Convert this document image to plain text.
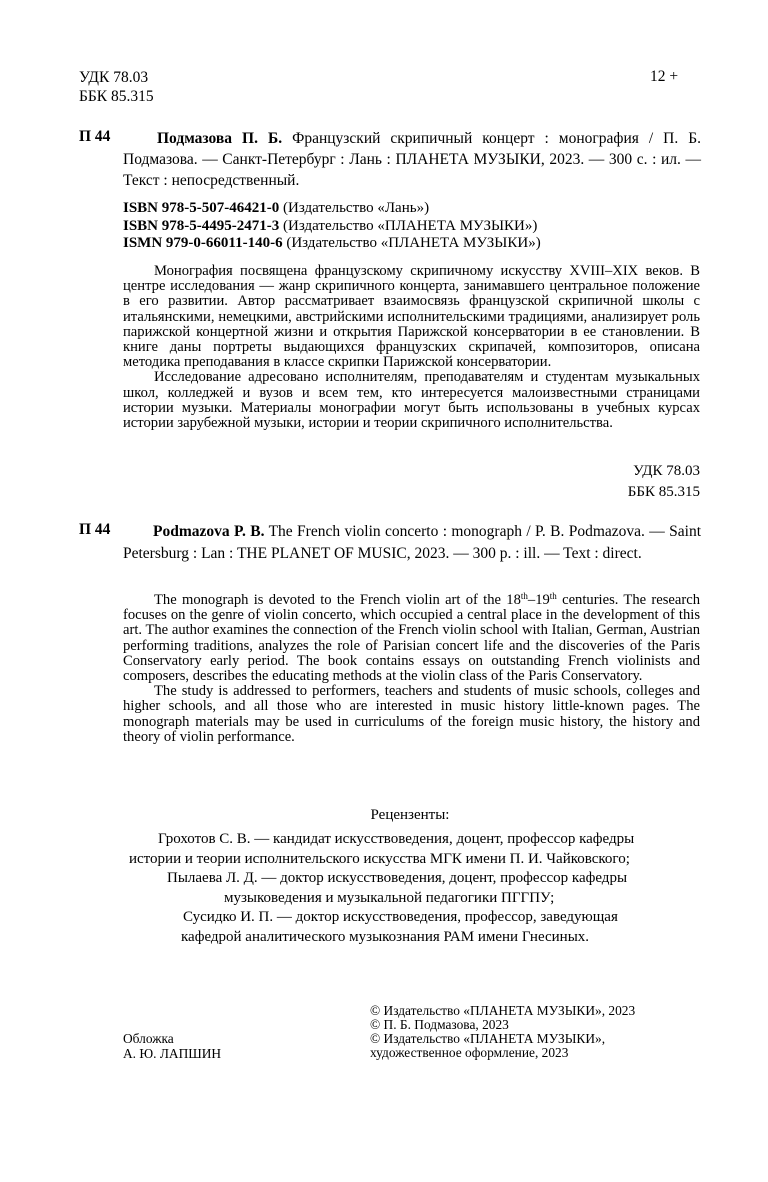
УДК 78.03
ББК 85.315
12 +
П 44	Подмазова П. Б. Французский скрипичный концерт : монография / П. Б. Подмазова. — Санкт-Петербург : Лань : ПЛАНЕТА МУЗЫКИ, 2023. — 300 с. : ил. — Текст : непосредственный.
ISBN 978-5-507-46421-0 (Издательство «Лань»)
ISBN 978-5-4495-2471-3 (Издательство «ПЛАНЕТА МУЗЫКИ»)
ISMN 979-0-66011-140-6 (Издательство «ПЛАНЕТА МУЗЫКИ»)

Монография посвящена французскому скрипичному искусству XVIII–XIX веков. В центре исследования — жанр скрипичного концерта, занимавшего центральное положение в его развитии. Автор рассматривает взаимосвязь французской скрипичной школы с итальянскими, немецкими, австрийскими исполнительскими традициями, анализирует роль парижской концертной жизни и открытия Парижской консерватории в ее становлении. В книге даны портреты выдающихся французских скрипачей, композиторов, описана методика преподавания в классе скрипки Парижской консерватории.

Исследование адресовано исполнителям, преподавателям и студентам музыкальных школ, колледжей и вузов и всем тем, кто интересуется малоизвестными страницами истории музыки. Материалы монографии могут быть использованы в учебных курсах истории зарубежной музыки, истории и теории скрипичного исполнительства.

УДК 78.03
ББК 85.315
П 44	Podmazova P. B. The French violin concerto : monograph / P. B. Podmazova. — Saint Petersburg : Lan : THE PLANET OF MUSIC, 2023. — 300 p. : ill. — Text : direct.

The monograph is devoted to the French violin art of the 18th–19th centuries. The research focuses on the genre of violin concerto, which occupied a central place in the development of this art. The author examines the connection of the French violin school with Italian, German, Austrian performing traditions, analyzes the role of Parisian concert life and the discoveries of the Paris Conservatory early period. The book contains essays on outstanding French violinists and composers, describes the educating methods at the violin class of the Paris Conservatory.

The study is addressed to performers, teachers and students of music schools, colleges and higher schools, and all those who are interested in music history little-known pages. The monograph materials may be used in curriculums of the foreign music history, the history and theory of violin performance.

Рецензенты:
Грохотов С. В. — кандидат искусствоведения, доцент, профессор кафедры
истории и теории исполнительского искусства МГК имени П. И. Чайковского;
Пылаева Л. Д. — доктор искусствоведения, доцент, профессор кафедры
музыковедения и музыкальной педагогики ПГГПУ;
Сусидко И. П. — доктор искусствоведения, профессор, заведующая
кафедрой аналитического музыкознания РАМ имени Гнесиных.
© Издательство «ПЛАНЕТА МУЗЫКИ», 2023
© П. Б. Подмазова, 2023
© Издательство «ПЛАНЕТА МУЗЫКИ»,
художественное оформление, 2023
Обложка
А. Ю. ЛАПШИН
